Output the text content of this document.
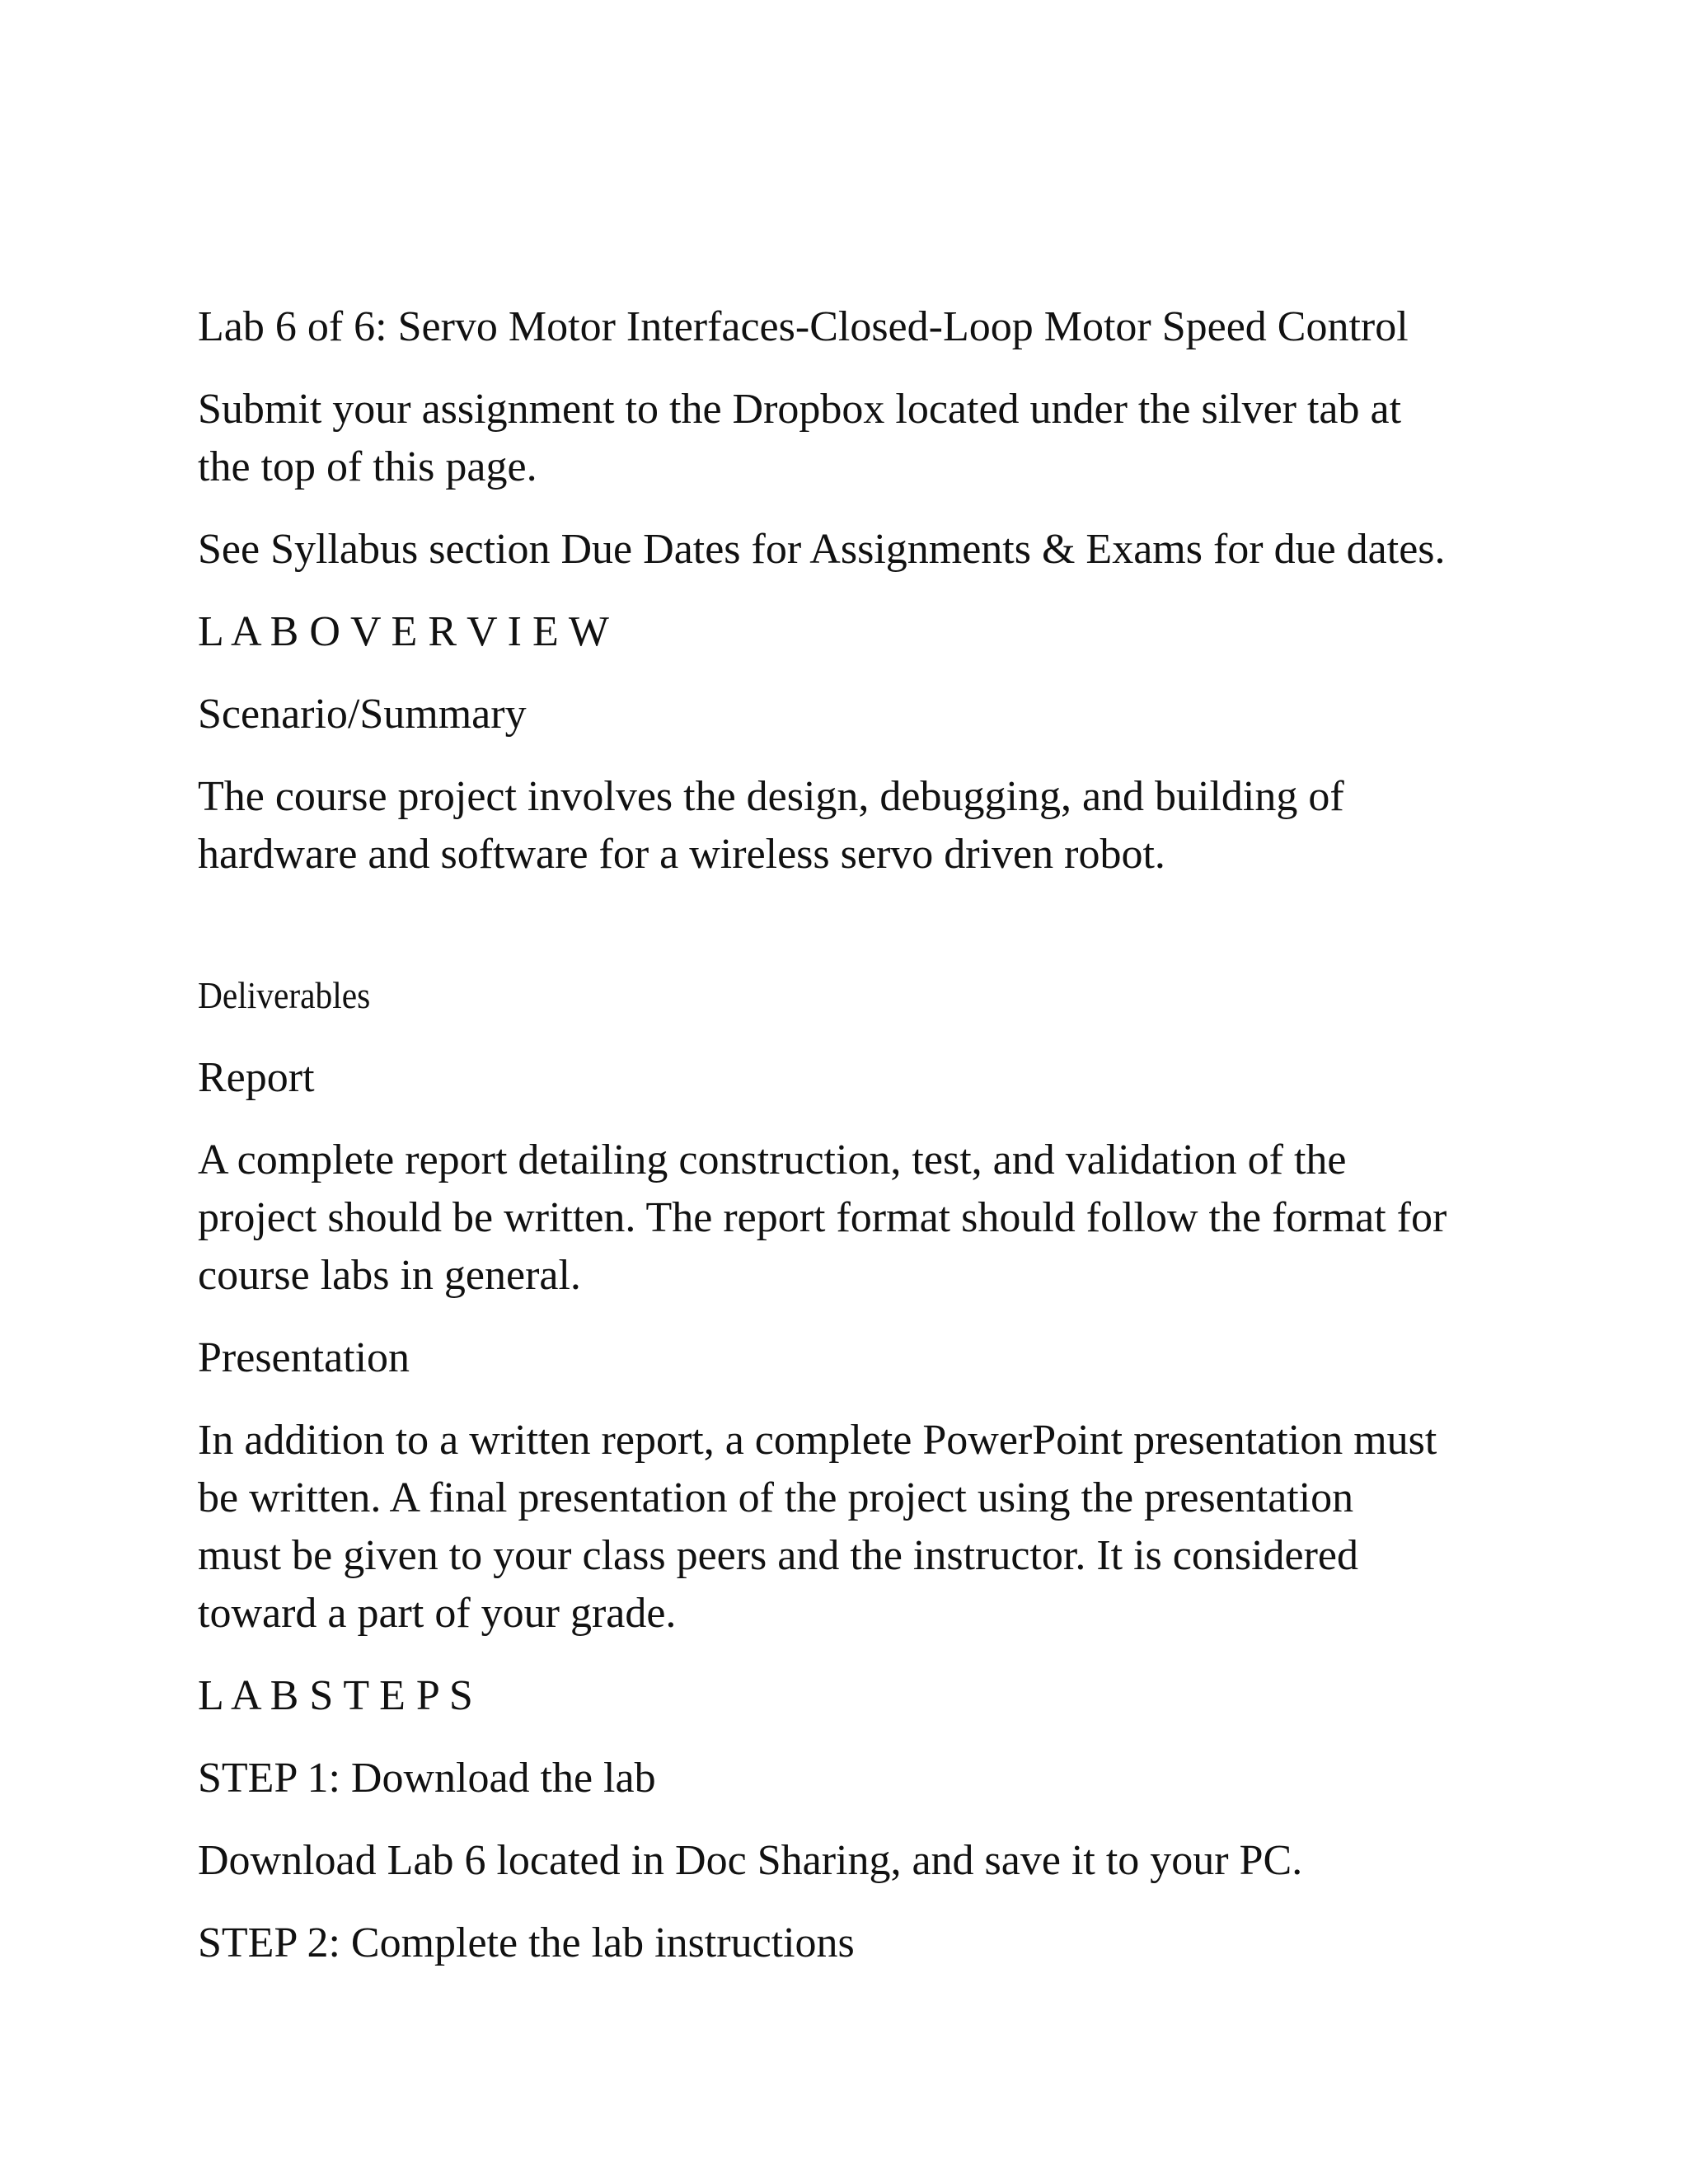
Lab 6 of 6: Servo Motor Interfaces-Closed-Loop Motor Speed Control

Submit your assignment to the Dropbox located under the silver tab at
the top of this page.

See Syllabus section Due Dates for Assignments & Exams for due dates.

L A B O V E R V I E W

Scenario/Summary

The course project involves the design, debugging, and building of
hardware and software for a wireless servo driven robot.

Deliverables

Report

A complete report detailing construction, test, and validation of the
project should be written. The report format should follow the format for
course labs in general.

Presentation

In addition to a written report, a complete PowerPoint presentation must
be written. A final presentation of the project using the presentation
must be given to your class peers and the instructor. It is considered
toward a part of your grade.

L A B S T E P S

STEP 1: Download the lab

Download Lab 6 located in Doc Sharing, and save it to your PC.

STEP 2: Complete the lab instructions
